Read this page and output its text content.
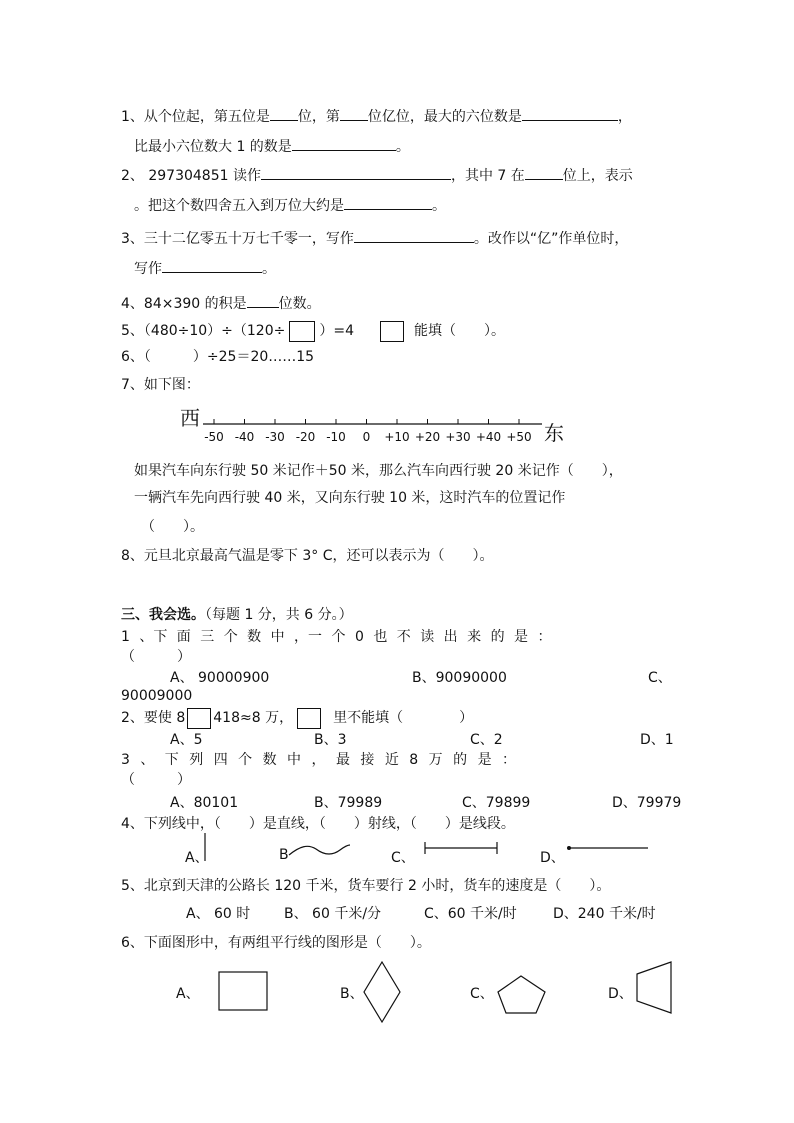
1、从个位起，第五位是 位，第 位亿位，最大的六位数是	，
比最小六位数大 1 的数是	。
2、 297304851 读作	，其中 7 在	位上，表示
。把这个数四舍五入到万位大约是	。
3、三十二亿零五十万七千零一，写作	。改作以“亿”作单位时，
写作	。
4、84×390 的积是 位数。
5、（480÷10）÷（120÷ ）=4	能填（　　）。
6、（　　　）÷25＝20……15
7、如下图：
西
东
-50 -40 -30 -20 -10 0 +10 +20 +30 +40 +50
如果汽车向东行驶 50 米记作＋50 米，那么汽车向西行驶 20 米记作（　　），
一辆汽车先向西行驶 40 米，又向东行驶 10 米，这时汽车的位置记作
（　　）。
8、元旦北京最高气温是零下 3° C，还可以表示为（　　）。
三、我会选。（每题 1 分，共 6 分。）
1 、下 面 三 个 数 中 ，一 个 0 也 不 读 出 来 的 是 ：
（　　　）
A、 90000900	B、90090000	C、
90009000
2、要使 8 418≈8 万，	里不能填（　　　　）
A、5	B、3	C、2	D、1
3 、 下 列 四 个 数 中 ， 最 接 近 8 万 的 是 ：
（　　　）
A、80101	B、79989	C、79899	D、79979
4、下列线中，（　　）是直线，（　　）射线，（　　）是线段。
A、	B	C、	D、
5、北京到天津的公路长 120 千米，货车要行 2 小时，货车的速度是（　　）。
A、 60 时 B、 60 千米/分	C、60 千米/时	D、240 千米/时
6、下面图形中，有两组平行线的图形是（　　）。
A、	B、	C、	D、
